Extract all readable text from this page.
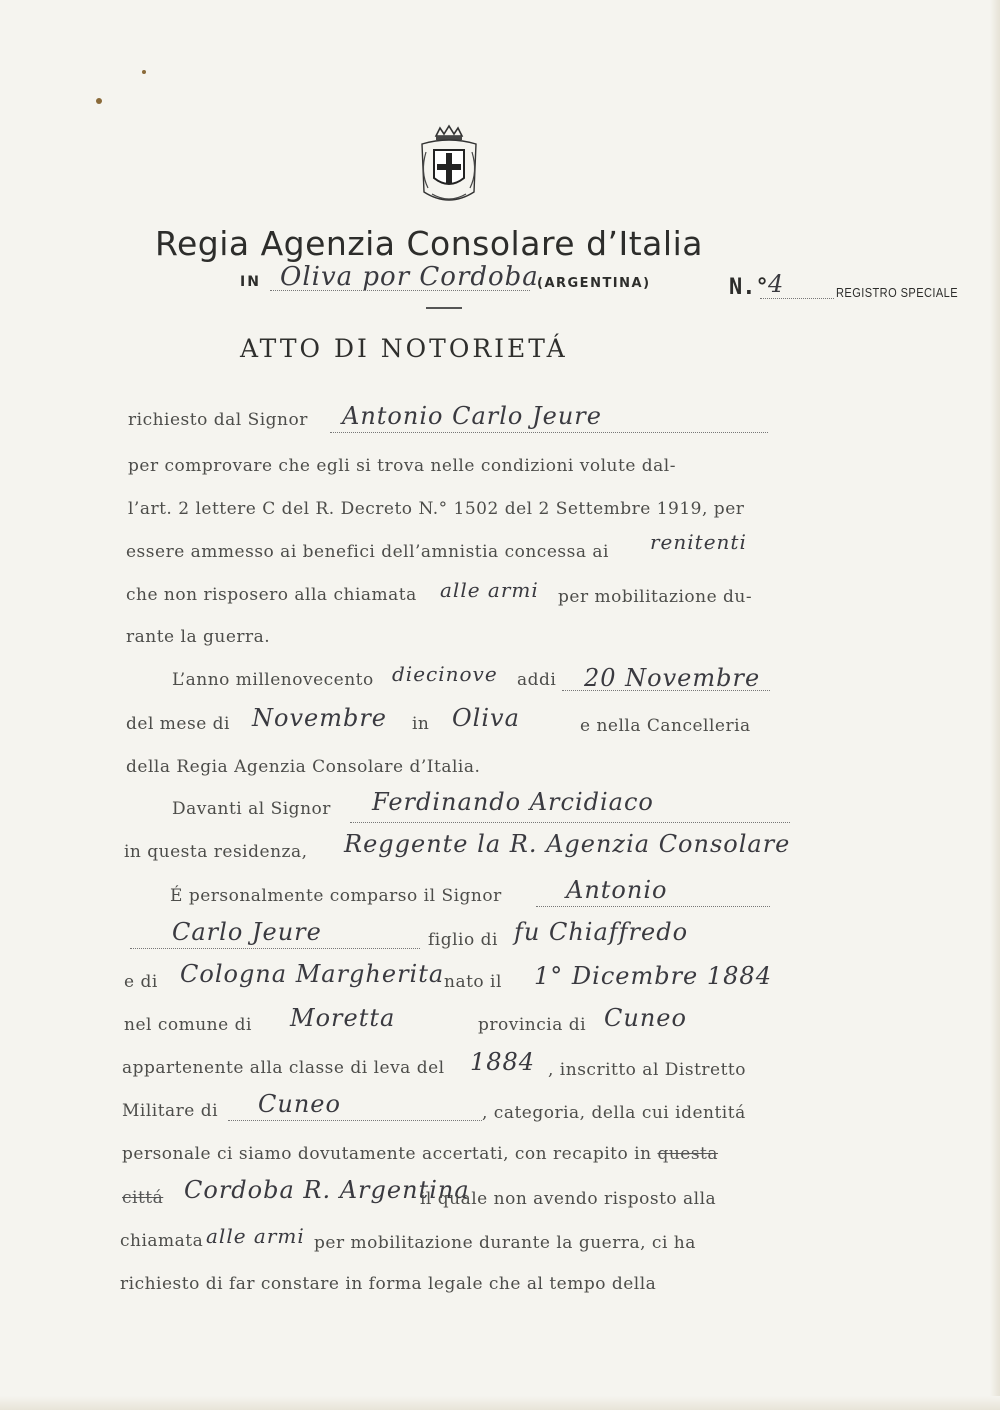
Regia Agenzia Consolare d’Italia
IN Oliva por Cordoba
(ARGENTINA)	N.° 4	REGISTRO SPECIALE
ATTO DI NOTORIETÁ
richiesto dal Signor Antonio Carlo Jeure
per comprovare che egli si trova nelle condizioni volute dal-
l’art. 2 lettere C del R. Decreto N.° 1502 del 2 Settembre 1919, per
essere ammesso ai benefici dell’amnistia concessa ai renitenti
che non risposero alla chiamata alle armi per mobilitazione du-
rante la guerra.
L’anno millenovecento diecinove addi 20 Novembre
del mese di Novembre in Oliva	e nella Cancelleria
della Regia Agenzia Consolare d’Italia.
Davanti al Signor Ferdinando Arcidiaco
in questa residenza, Reggente la R. Agenzia Consolare
É personalmente comparso il Signor	Antonio
Carlo Jeure	figlio di fu Chiaffredo
e di Cologna Margherita nato il 1° Dicembre 1884
nel comune di Moretta	provincia di Cuneo
appartenente alla classe di leva del 1884 , inscritto al Distretto
Militare di Cuneo	, categoria, della cui identitá
personale ci siamo dovutamente accertati, con recapito in questa
cittá Cordoba R. Argentina
il quale non avendo risposto alla
chiamata alle armi per mobilitazione durante la guerra, ci ha
richiesto di far constare in forma legale che al tempo della
